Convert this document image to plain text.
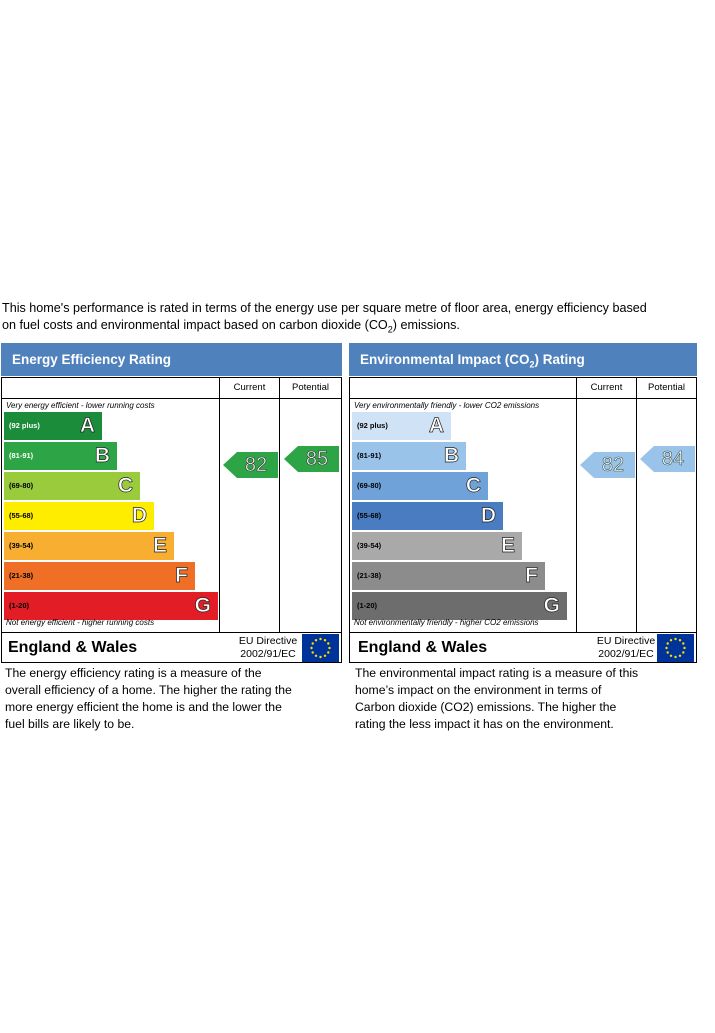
This home's performance is rated in terms of the energy use per square metre of floor area, energy efficiency based
on fuel costs and environmental impact based on carbon dioxide $(CO_2)$ emissions.
Energy Efficiency Rating
Current	Potential
Very energy efficient - lower running costs
(92 plus) A
(81-91)	B
(69-80)	C
(55-68)	D
(39-54)	E
(21-38)	F
(1-20)	G
Not energy efficient - higher running costs
82	85
England & Wales	EU Directive
2002/91/EC
Environmental Impact $(CO_2)$ Rating
Current	Potential
Very environmentally friendly - lower CO2 emissions
(92 plus) A
(81-91)	B
(69-80)	C
(55-68)	D
(39-54)	E
(21-38)	F
(1-20)	G
Not environmentally friendly - higher CO2 emissions
82	84
England & Wales	EU Directive
2002/91/EC
The energy efficiency rating is a measure of the
overall efficiency of a home. The higher the rating the
more energy efficient the home is and the lower the
fuel bills are likely to be.
The environmental impact rating is a measure of this
home’s impact on the environment in terms of
Carbon dioxide (CO2) emissions. The higher the
rating the less impact it has on the environment.
